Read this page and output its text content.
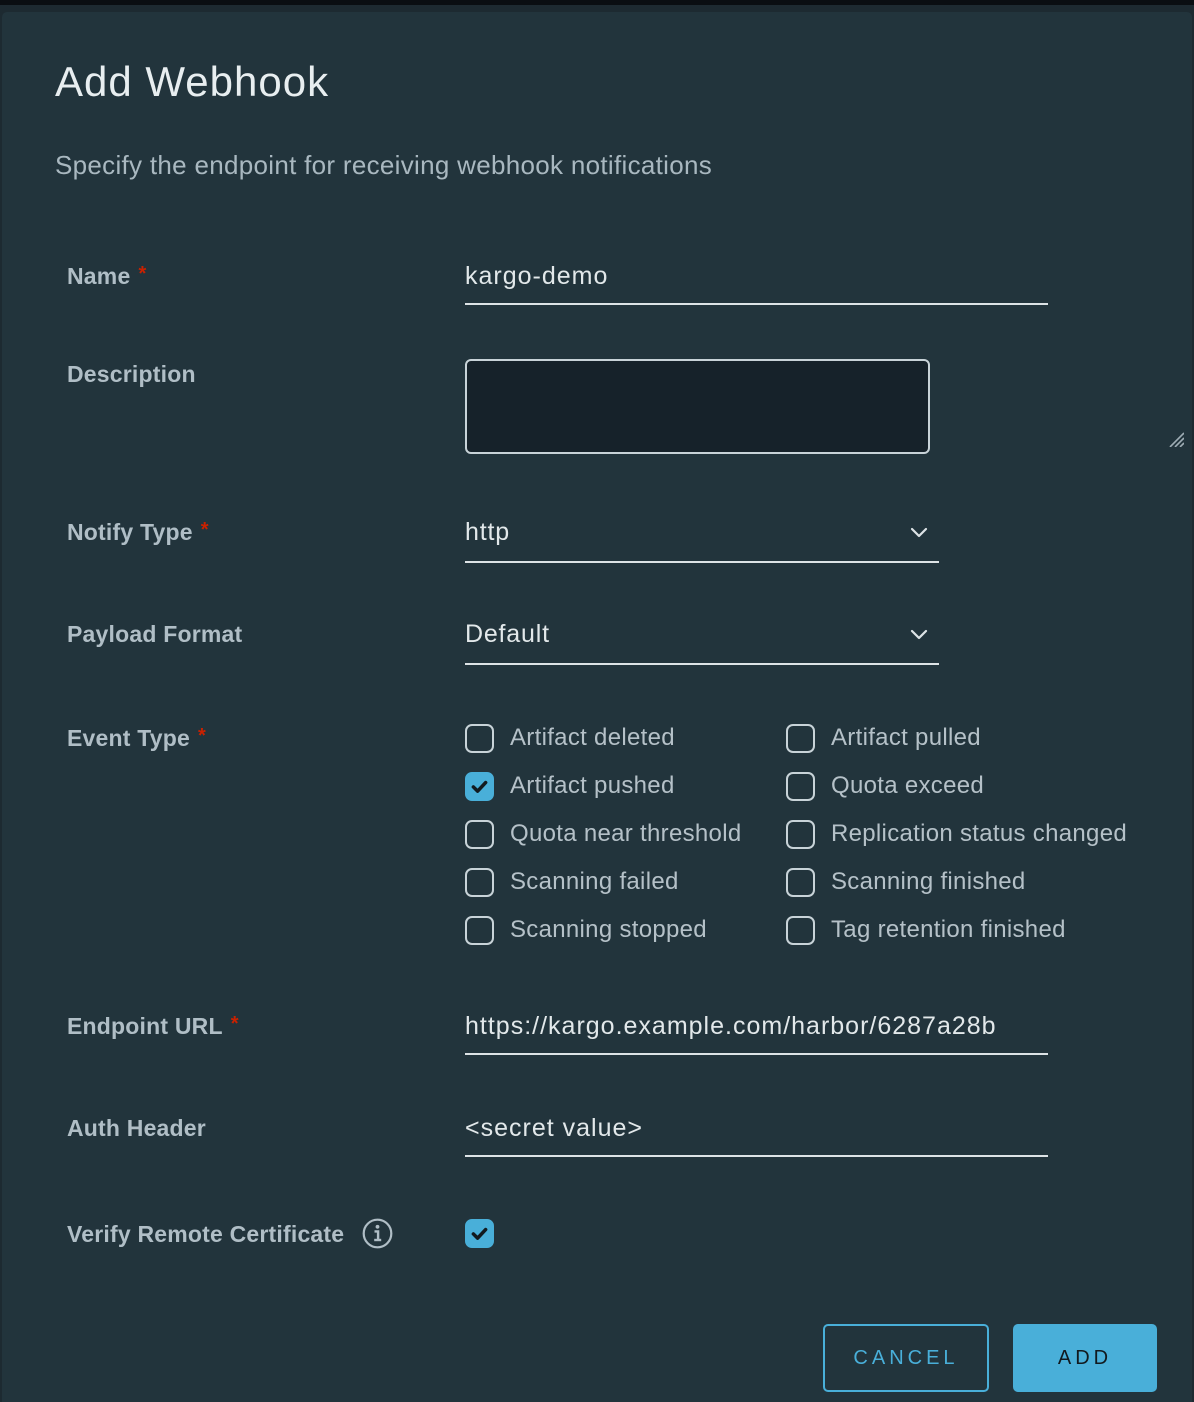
Add Webhook

Specify the endpoint for receiving webhook notifications

Name *	kargo-demo
Description
Notify Type *	http
Payload Format	Default
Event Type *	Artifact deleted	Artifact pulled
Artifact pushed	Quota exceed
Quota near threshold	Replication status changed
Scanning failed	Scanning finished
Scanning stopped	Tag retention finished
Endpoint URL *	https://kargo.example.com/harbor/6287a28b
Auth Header	<secret value>
Verify Remote Certificate
CANCEL	ADD
